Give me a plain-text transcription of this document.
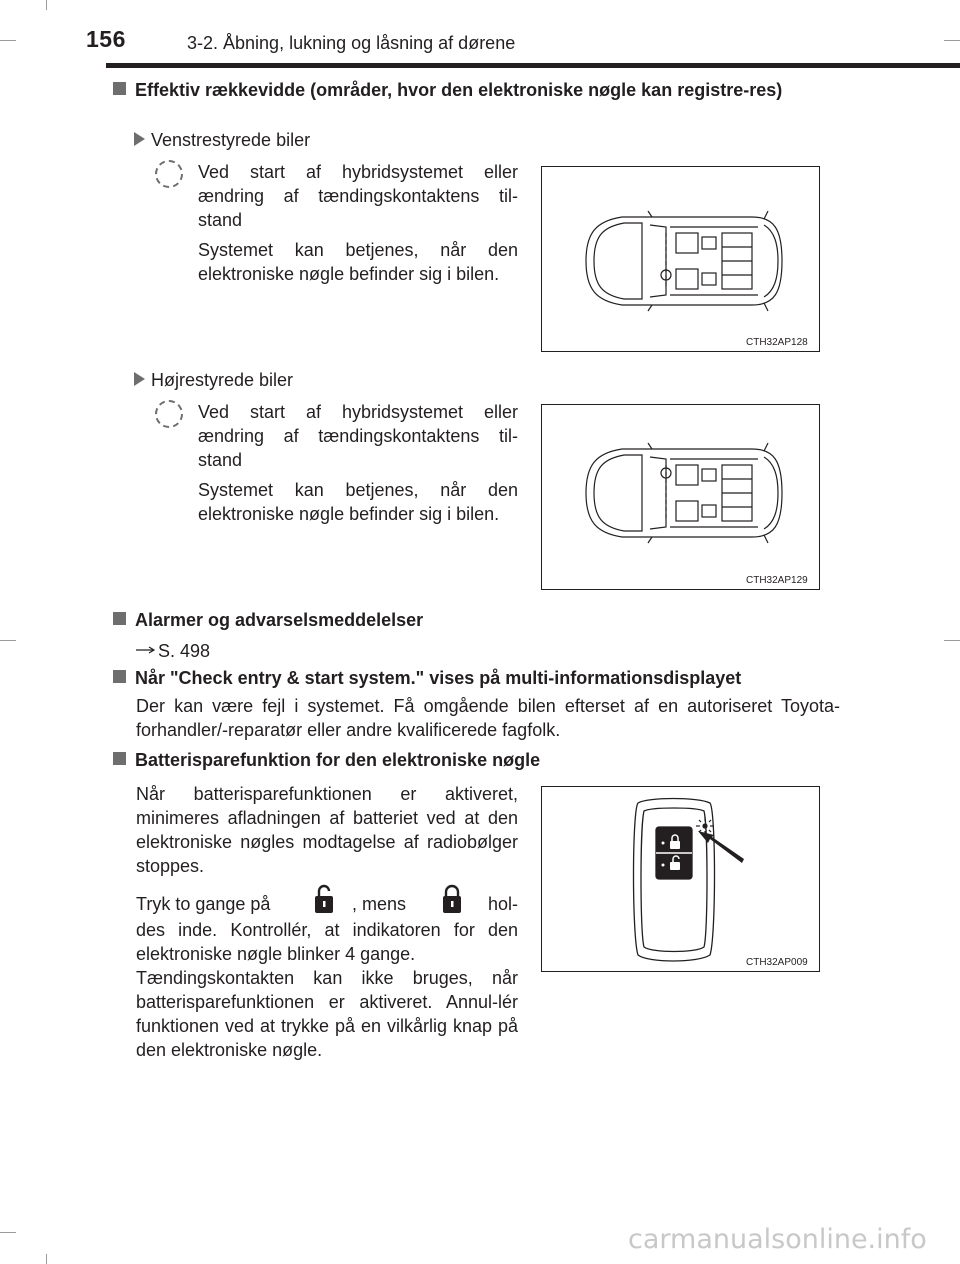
156	3-2. Åbning, lukning og låsning af dørene
Effektiv rækkevidde (områder, hvor den elektroniske nøgle kan registre-res)
Venstrestyrede biler
Ved start af hybridsystemet eller ændring af tændingskontaktens til-stand
Systemet kan betjenes, når den elektroniske nøgle befinder sig i bilen.
CTH32AP128
Højrestyrede biler
Ved start af hybridsystemet eller ændring af tændingskontaktens til-stand
Systemet kan betjenes, når den elektroniske nøgle befinder sig i bilen.
CTH32AP129
Alarmer og advarselsmeddelelser
S. 498
Når "Check entry & start system." vises på multi-informationsdisplayet
Der kan være fejl i systemet. Få omgående bilen efterset af en autoriseret Toyota-forhandler/-reparatør eller andre kvalificerede fagfolk.
Batterisparefunktion for den elektroniske nøgle
Når batterisparefunktionen er aktiveret, minimeres afladningen af batteriet ved at den elektroniske nøgles modtagelse af radiobølger stoppes.
Tryk to gange på	, mens	hol-
des inde. Kontrollér, at indikatoren for den elektroniske nøgle blinker 4 gange.
Tændingskontakten kan ikke bruges, når batterisparefunktionen er aktiveret. Annul-lér funktionen ved at trykke på en vilkårlig knap på den elektroniske nøgle.
CTH32AP009
carmanualsonline.info
